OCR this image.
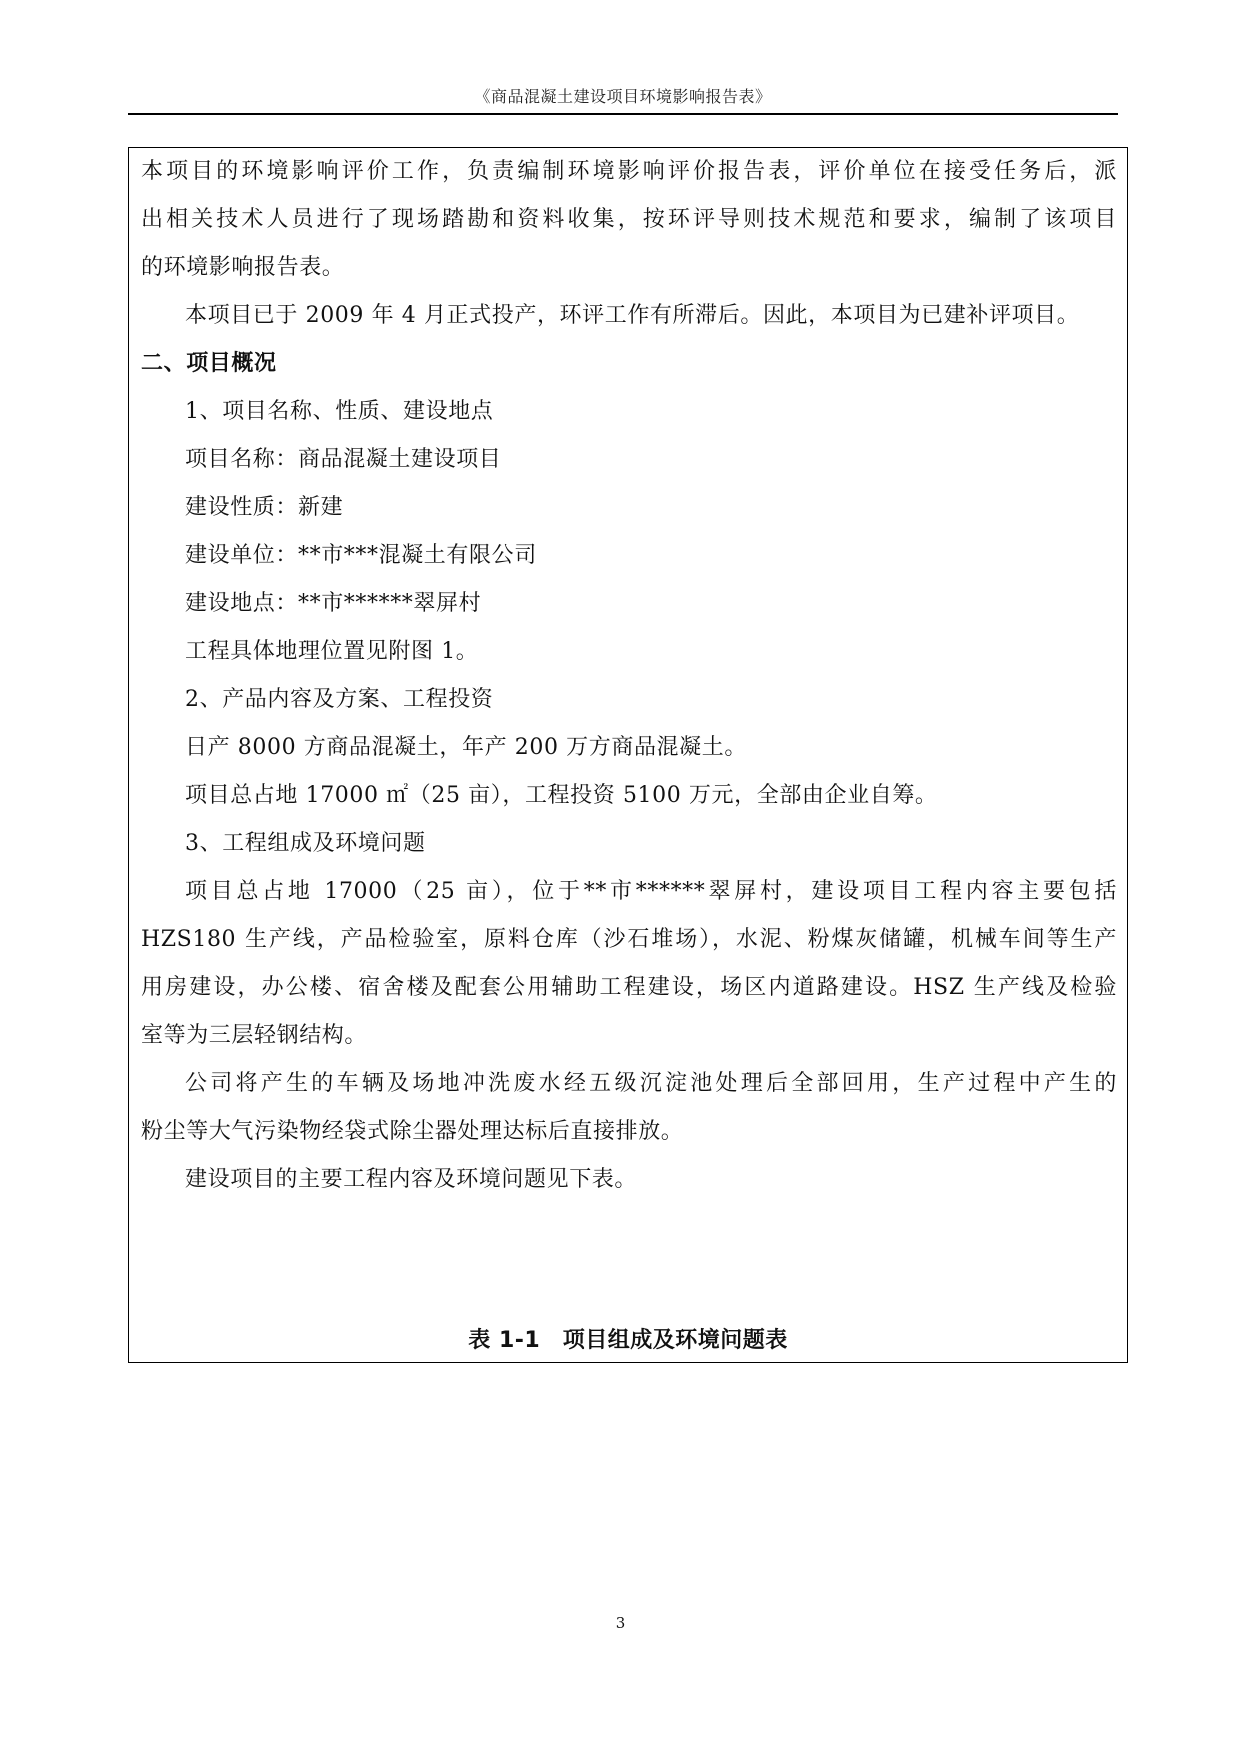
《商品混凝土建设项目环境影响报告表》
本项目的环境影响评价工作，负责编制环境影响评价报告表，评价单位在接受任务后，派
出相关技术人员进行了现场踏勘和资料收集，按环评导则技术规范和要求，编制了该项目
的环境影响报告表。
本项目已于 2009 年 4 月正式投产，环评工作有所滞后。因此，本项目为已建补评项目。
二、项目概况
1、项目名称、性质、建设地点
项目名称：商品混凝土建设项目
建设性质：新建
建设单位：**市***混凝土有限公司
建设地点：**市******翠屏村
工程具体地理位置见附图 1。
2、产品内容及方案、工程投资
日产 8000 方商品混凝土，年产 200 万方商品混凝土。
项目总占地 17000 ㎡（25 亩），工程投资 5100 万元，全部由企业自筹。
3、工程组成及环境问题
项目总占地 17000（25 亩），位于**市******翠屏村，建设项目工程内容主要包括
HZS180 生产线，产品检验室，原料仓库（沙石堆场），水泥、粉煤灰储罐，机械车间等生产
用房建设，办公楼、宿舍楼及配套公用辅助工程建设，场区内道路建设。HSZ 生产线及检验
室等为三层轻钢结构。
公司将产生的车辆及场地冲洗废水经五级沉淀池处理后全部回用，生产过程中产生的
粉尘等大气污染物经袋式除尘器处理达标后直接排放。
建设项目的主要工程内容及环境问题见下表。
表 1-1　项目组成及环境问题表
3
